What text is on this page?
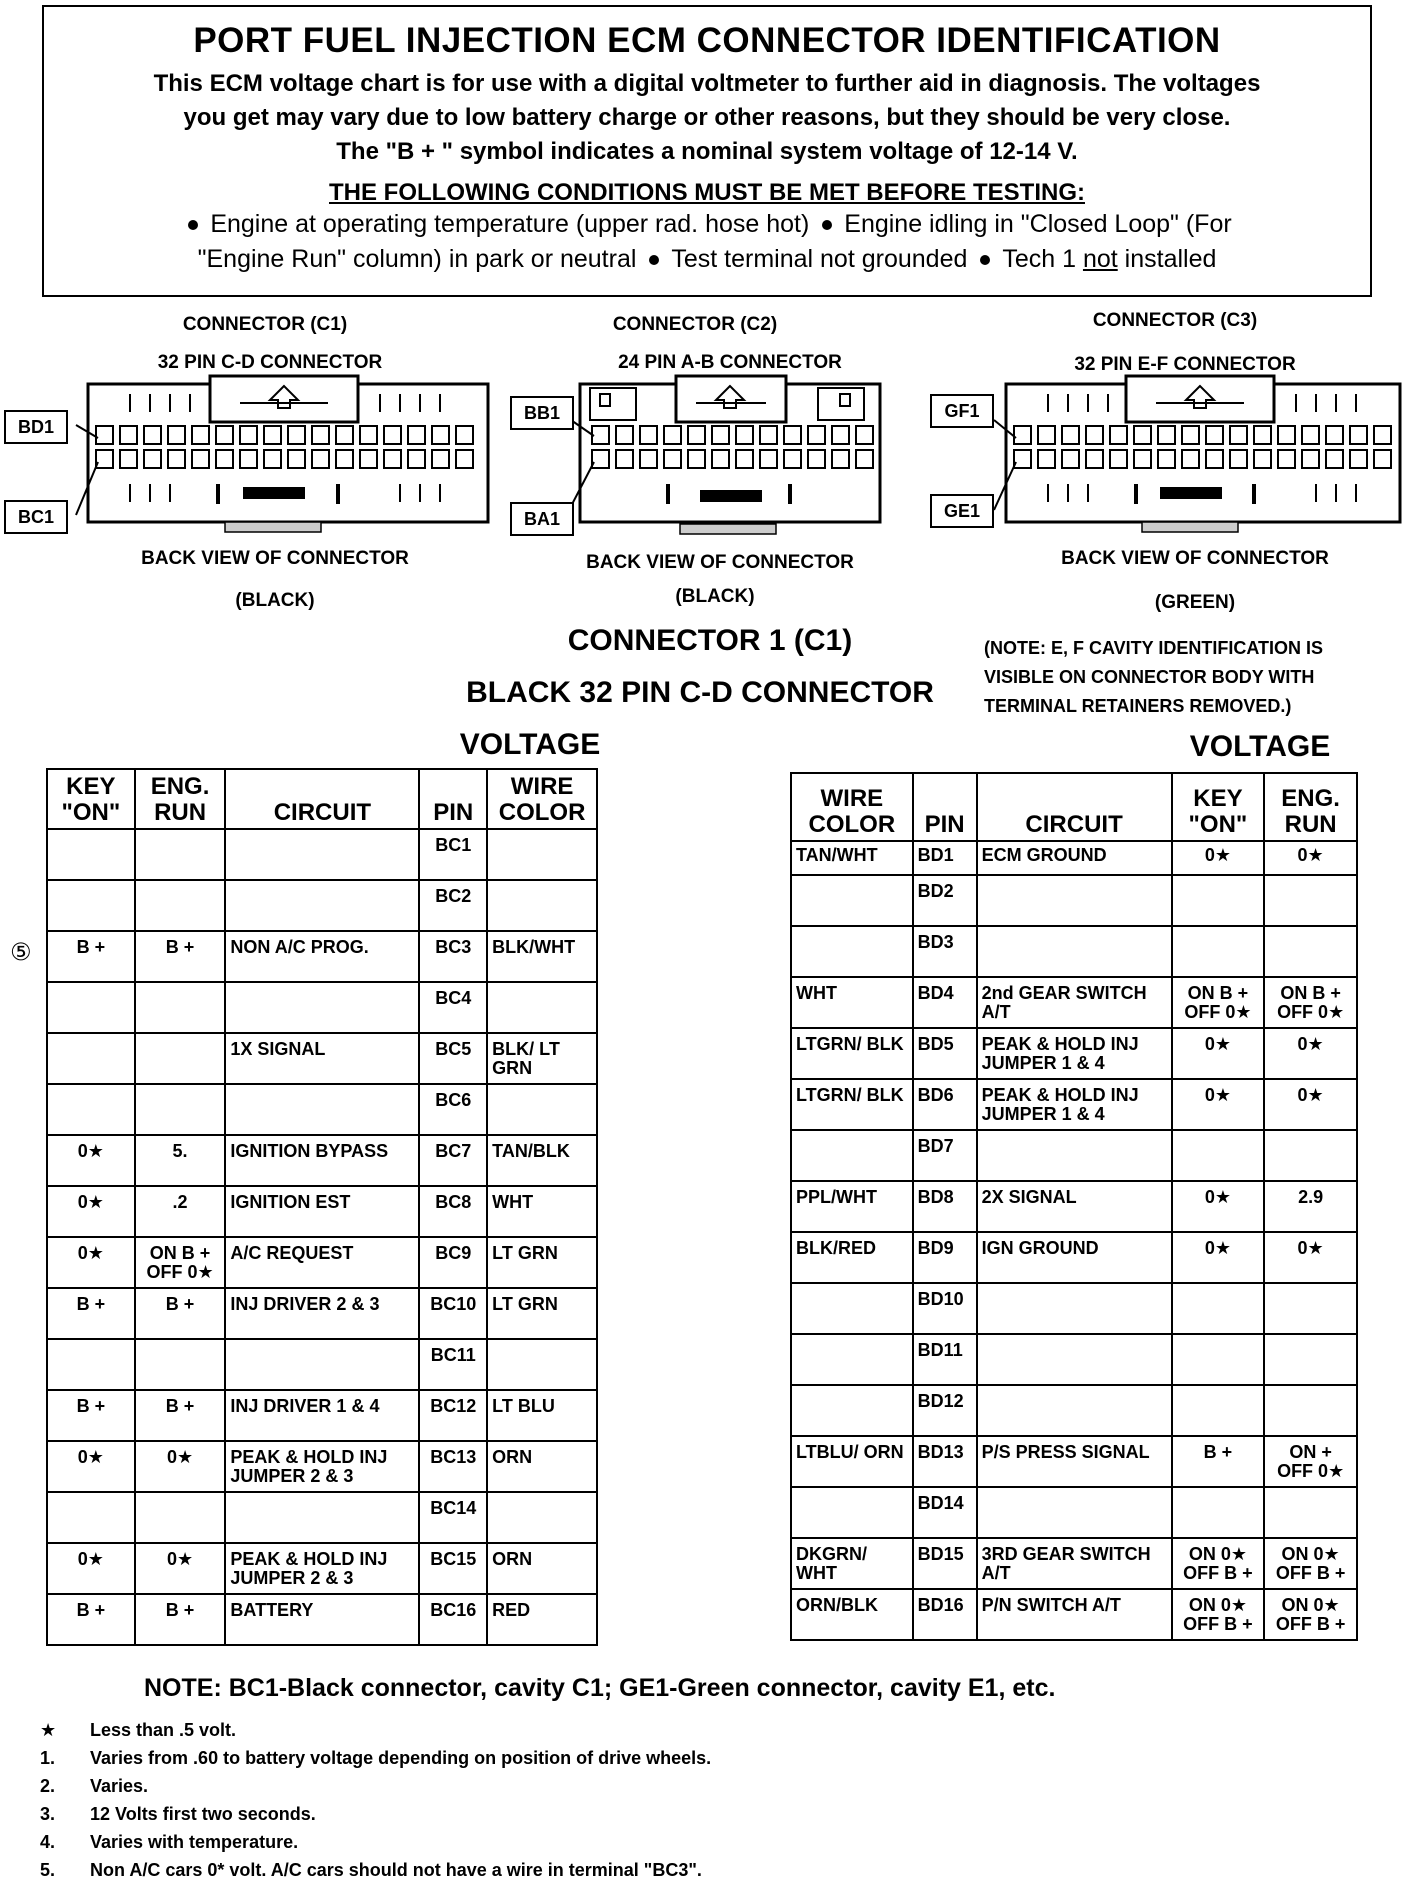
PORT FUEL INJECTION ECM CONNECTOR IDENTIFICATION
This ECM voltage chart is for use with a digital voltmeter to further aid in diagnosis. The voltages
you get may vary due to low battery charge or other reasons, but they should be very close.
The "B + " symbol indicates a nominal system voltage of 12-14 V.
THE FOLLOWING CONDITIONS MUST BE MET BEFORE TESTING:
Engine at operating temperature (upper rad. hose hot) Engine idling in "Closed Loop" (For
"Engine Run" column) in park or neutral Test terminal not grounded Tech 1 not installed
CONNECTOR (C1)
32 PIN C-D CONNECTOR
BD1
BC1
BACK VIEW OF CONNECTOR
(BLACK)
CONNECTOR (C2)
24 PIN A-B CONNECTOR
BB1
BA1
BACK VIEW OF CONNECTOR
(BLACK)
CONNECTOR (C3)
32 PIN E-F CONNECTOR
GF1
GE1
BACK VIEW OF CONNECTOR
(GREEN)
CONNECTOR 1 (C1)
BLACK 32 PIN C-D CONNECTOR
(NOTE: E, F CAVITY IDENTIFICATION IS VISIBLE ON CONNECTOR BODY WITH TERMINAL RETAINERS REMOVED.)
VOLTAGE	VOLTAGE
⑤
KEY "ON"	ENG. RUN	CIRCUIT	PIN	WIRE COLOR
			BC1	
			BC2	
B +	B +	NON A/C PROG.	BC3	BLK/WHT
			BC4	
		1X SIGNAL	BC5	BLK/ LT GRN
			BC6	
0★	5.	IGNITION BYPASS	BC7	TAN/BLK
0★	.2	IGNITION EST	BC8	WHT
0★	ON B + OFF 0★	A/C REQUEST	BC9	LT GRN
B +	B +	INJ DRIVER 2 & 3	BC10	LT GRN
			BC11	
B +	B +	INJ DRIVER 1 & 4	BC12	LT BLU
0★	0★	PEAK & HOLD INJ JUMPER 2 & 3	BC13	ORN
			BC14	
0★	0★	PEAK & HOLD INJ JUMPER 2 & 3	BC15	ORN
B +	B +	BATTERY	BC16	RED
WIRE COLOR	PIN	CIRCUIT	KEY "ON"	ENG. RUN
TAN/WHT	BD1	ECM GROUND	0★	0★
	BD2			
	BD3			
WHT	BD4	2nd GEAR SWITCH A/T	ON B + OFF 0★	ON B + OFF 0★
LTGRN/ BLK	BD5	PEAK & HOLD INJ JUMPER 1 & 4	0★	0★
LTGRN/ BLK	BD6	PEAK & HOLD INJ JUMPER 1 & 4	0★	0★
	BD7			
PPL/WHT	BD8	2X SIGNAL	0★	2.9
BLK/RED	BD9	IGN GROUND	0★	0★
	BD10			
	BD11			
	BD12			
LTBLU/ ORN	BD13	P/S PRESS SIGNAL	B +	ON + OFF 0★
	BD14			
DKGRN/ WHT	BD15	3RD GEAR SWITCH A/T	ON 0★ OFF B +	ON 0★ OFF B +
ORN/BLK	BD16	P/N SWITCH A/T	ON 0★ OFF B +	ON 0★ OFF B +
NOTE: BC1-Black connector, cavity C1; GE1-Green connector, cavity E1, etc.
★	Less than .5 volt.
1.	Varies from .60 to battery voltage depending on position of drive wheels.
2.	Varies.
3.	12 Volts first two seconds.
4.	Varies with temperature.
5.	Non A/C cars 0* volt. A/C cars should not have a wire in terminal "BC3".
